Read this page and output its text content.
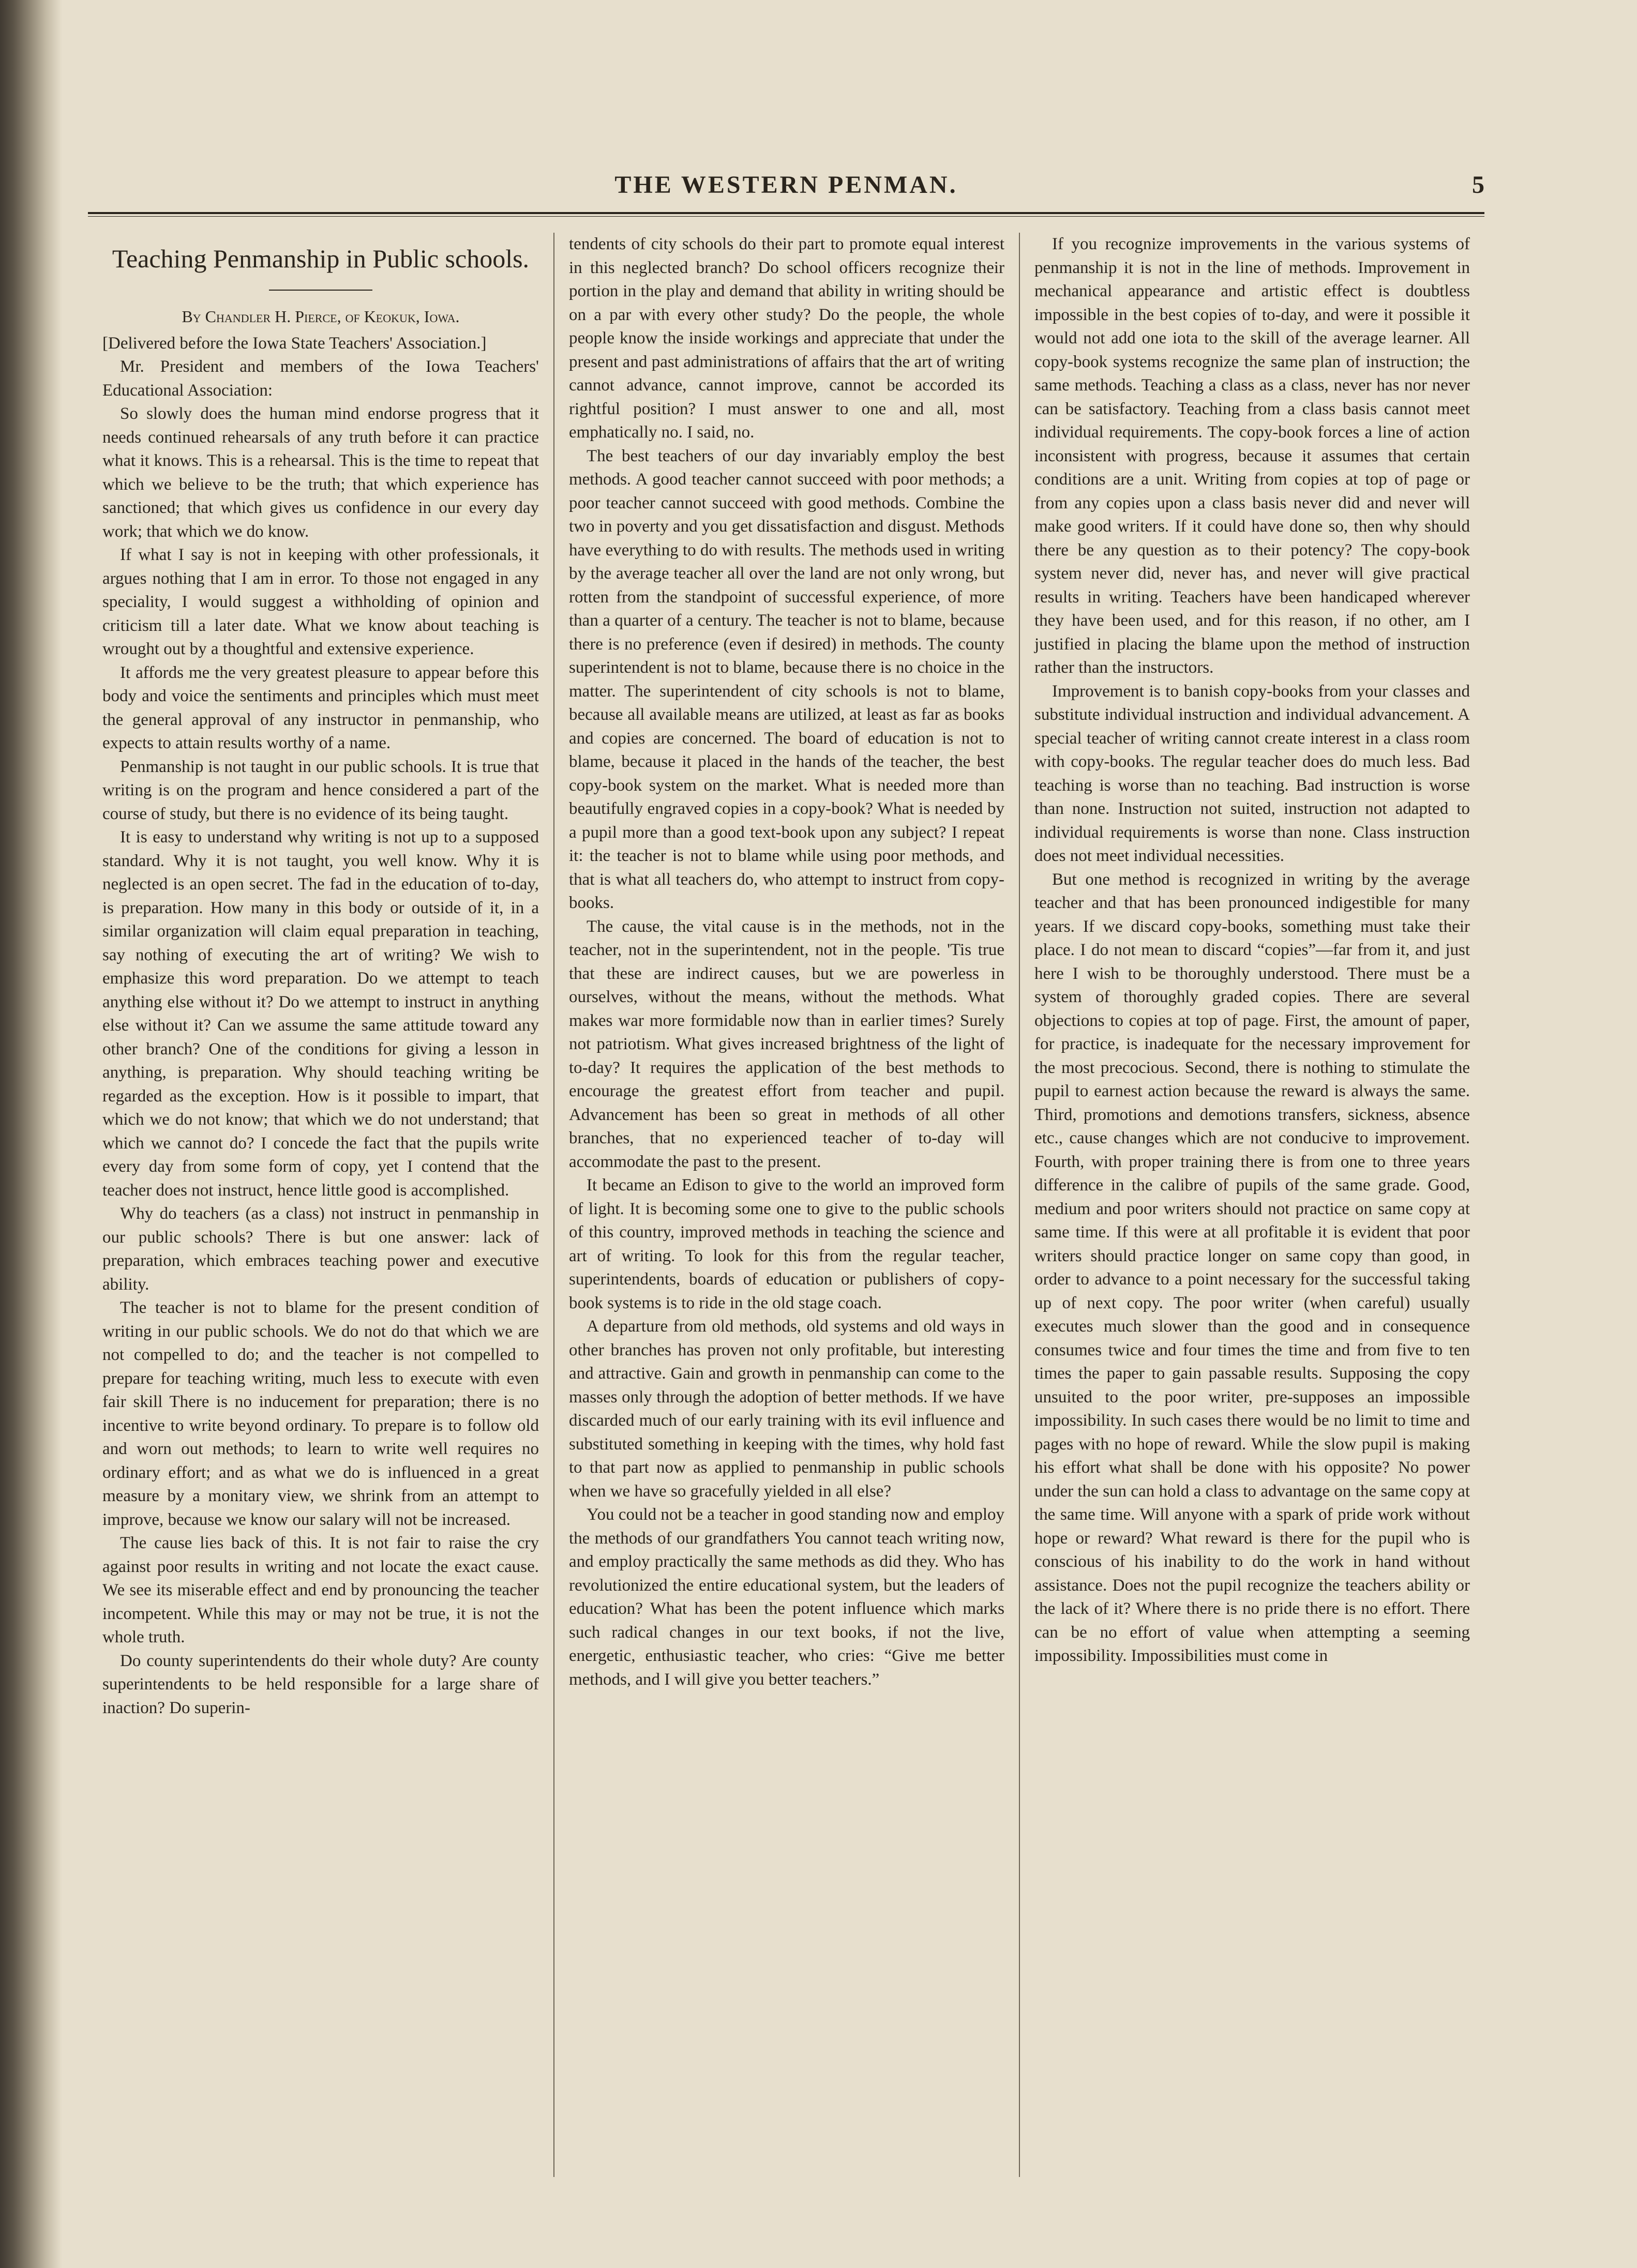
THE WESTERN PENMAN.	5
Teaching Penmanship in Public schools.
By Chandler H. Pierce, of Keokuk, Iowa.

[Delivered before the Iowa State Teachers' Association.]

Mr. President and members of the Iowa Teachers' Educational Association:

So slowly does the human mind endorse progress that it needs continued rehearsals of any truth before it can practice what it knows. This is a rehearsal. This is the time to repeat that which we believe to be the truth; that which experience has sanctioned; that which gives us confidence in our every day work; that which we do know.

If what I say is not in keeping with other professionals, it argues nothing that I am in error. To those not engaged in any speciality, I would suggest a withholding of opinion and criticism till a later date. What we know about teaching is wrought out by a thoughtful and extensive experience.

It affords me the very greatest pleasure to appear before this body and voice the sentiments and principles which must meet the general approval of any instructor in penmanship, who expects to attain results worthy of a name.

Penmanship is not taught in our public schools. It is true that writing is on the program and hence considered a part of the course of study, but there is no evidence of its being taught.

It is easy to understand why writing is not up to a supposed standard. Why it is not taught, you well know. Why it is neglected is an open secret. The fad in the education of to-day, is preparation. How many in this body or outside of it, in a similar organization will claim equal preparation in teaching, say nothing of executing the art of writing? We wish to emphasize this word preparation. Do we attempt to teach anything else without it? Do we attempt to instruct in anything else without it? Can we assume the same attitude toward any other branch? One of the conditions for giving a lesson in anything, is preparation. Why should teaching writing be regarded as the exception. How is it possible to impart, that which we do not know; that which we do not understand; that which we cannot do? I concede the fact that the pupils write every day from some form of copy, yet I contend that the teacher does not instruct, hence little good is accomplished.

Why do teachers (as a class) not instruct in penmanship in our public schools? There is but one answer: lack of preparation, which embraces teaching power and executive ability.

The teacher is not to blame for the present condition of writing in our public schools. We do not do that which we are not compelled to do; and the teacher is not compelled to prepare for teaching writing, much less to execute with even fair skill There is no inducement for preparation; there is no incentive to write beyond ordinary. To prepare is to follow old and worn out methods; to learn to write well requires no ordinary effort; and as what we do is influenced in a great measure by a monitary view, we shrink from an attempt to improve, because we know our salary will not be increased.

The cause lies back of this. It is not fair to raise the cry against poor results in writing and not locate the exact cause. We see its miserable effect and end by pronouncing the teacher incompetent. While this may or may not be true, it is not the whole truth.

Do county superintendents do their whole duty? Are county superintendents to be held responsible for a large share of inaction? Do superin-

tendents of city schools do their part to promote equal interest in this neglected branch? Do school officers recognize their portion in the play and demand that ability in writing should be on a par with every other study? Do the people, the whole people know the inside workings and appreciate that under the present and past administrations of affairs that the art of writing cannot advance, cannot improve, cannot be accorded its rightful position? I must answer to one and all, most emphatically no. I said, no.

The best teachers of our day invariably employ the best methods. A good teacher cannot succeed with poor methods; a poor teacher cannot succeed with good methods. Combine the two in poverty and you get dissatisfaction and disgust. Methods have everything to do with results. The methods used in writing by the average teacher all over the land are not only wrong, but rotten from the standpoint of successful experience, of more than a quarter of a century. The teacher is not to blame, because there is no preference (even if desired) in methods. The county superintendent is not to blame, because there is no choice in the matter. The superintendent of city schools is not to blame, because all available means are utilized, at least as far as books and copies are concerned. The board of education is not to blame, because it placed in the hands of the teacher, the best copy-book system on the market. What is needed more than beautifully engraved copies in a copy-book? What is needed by a pupil more than a good text-book upon any subject? I repeat it: the teacher is not to blame while using poor methods, and that is what all teachers do, who attempt to instruct from copy-books.

The cause, the vital cause is in the methods, not in the teacher, not in the superintendent, not in the people. 'Tis true that these are indirect causes, but we are powerless in ourselves, without the means, without the methods. What makes war more formidable now than in earlier times? Surely not patriotism. What gives increased brightness of the light of to-day? It requires the application of the best methods to encourage the greatest effort from teacher and pupil. Advancement has been so great in methods of all other branches, that no experienced teacher of to-day will accommodate the past to the present.

It became an Edison to give to the world an improved form of light. It is becoming some one to give to the public schools of this country, improved methods in teaching the science and art of writing. To look for this from the regular teacher, superintendents, boards of education or publishers of copy-book systems is to ride in the old stage coach.

A departure from old methods, old systems and old ways in other branches has proven not only profitable, but interesting and attractive. Gain and growth in penmanship can come to the masses only through the adoption of better methods. If we have discarded much of our early training with its evil influence and substituted something in keeping with the times, why hold fast to that part now as applied to penmanship in public schools when we have so gracefully yielded in all else?

You could not be a teacher in good standing now and employ the methods of our grandfathers You cannot teach writing now, and employ practically the same methods as did they. Who has revolutionized the entire educational system, but the leaders of education? What has been the potent influence which marks such radical changes in our text books, if not the live, energetic, enthusiastic teacher, who cries: “Give me better methods, and I will give you better teachers.”

If you recognize improvements in the various systems of penmanship it is not in the line of methods. Improvement in mechanical appearance and artistic effect is doubtless impossible in the best copies of to-day, and were it possible it would not add one iota to the skill of the average learner. All copy-book systems recognize the same plan of instruction; the same methods. Teaching a class as a class, never has nor never can be satisfactory. Teaching from a class basis cannot meet individual requirements. The copy-book forces a line of action inconsistent with progress, because it assumes that certain conditions are a unit. Writing from copies at top of page or from any copies upon a class basis never did and never will make good writers. If it could have done so, then why should there be any question as to their potency? The copy-book system never did, never has, and never will give practical results in writing. Teachers have been handicaped wherever they have been used, and for this reason, if no other, am I justified in placing the blame upon the method of instruction rather than the instructors.

Improvement is to banish copy-books from your classes and substitute individual instruction and individual advancement. A special teacher of writing cannot create interest in a class room with copy-books. The regular teacher does do much less. Bad teaching is worse than no teaching. Bad instruction is worse than none. Instruction not suited, instruction not adapted to individual requirements is worse than none. Class instruction does not meet individual necessities.

But one method is recognized in writing by the average teacher and that has been pronounced indigestible for many years. If we discard copy-books, something must take their place. I do not mean to discard “copies”—far from it, and just here I wish to be thoroughly understood. There must be a system of thoroughly graded copies. There are several objections to copies at top of page. First, the amount of paper, for practice, is inadequate for the necessary improvement for the most precocious. Second, there is nothing to stimulate the pupil to earnest action because the reward is always the same. Third, promotions and demotions transfers, sickness, absence etc., cause changes which are not conducive to improvement. Fourth, with proper training there is from one to three years difference in the calibre of pupils of the same grade. Good, medium and poor writers should not practice on same copy at same time. If this were at all profitable it is evident that poor writers should practice longer on same copy than good, in order to advance to a point necessary for the successful taking up of next copy. The poor writer (when careful) usually executes much slower than the good and in consequence consumes twice and four times the time and from five to ten times the paper to gain passable results. Supposing the copy unsuited to the poor writer, pre-supposes an impossible impossibility. In such cases there would be no limit to time and pages with no hope of reward. While the slow pupil is making his effort what shall be done with his opposite? No power under the sun can hold a class to advantage on the same copy at the same time. Will anyone with a spark of pride work without hope or reward? What reward is there for the pupil who is conscious of his inability to do the work in hand without assistance. Does not the pupil recognize the teachers ability or the lack of it? Where there is no pride there is no effort. There can be no effort of value when attempting a seeming impossibility. Impossibilities must come in
